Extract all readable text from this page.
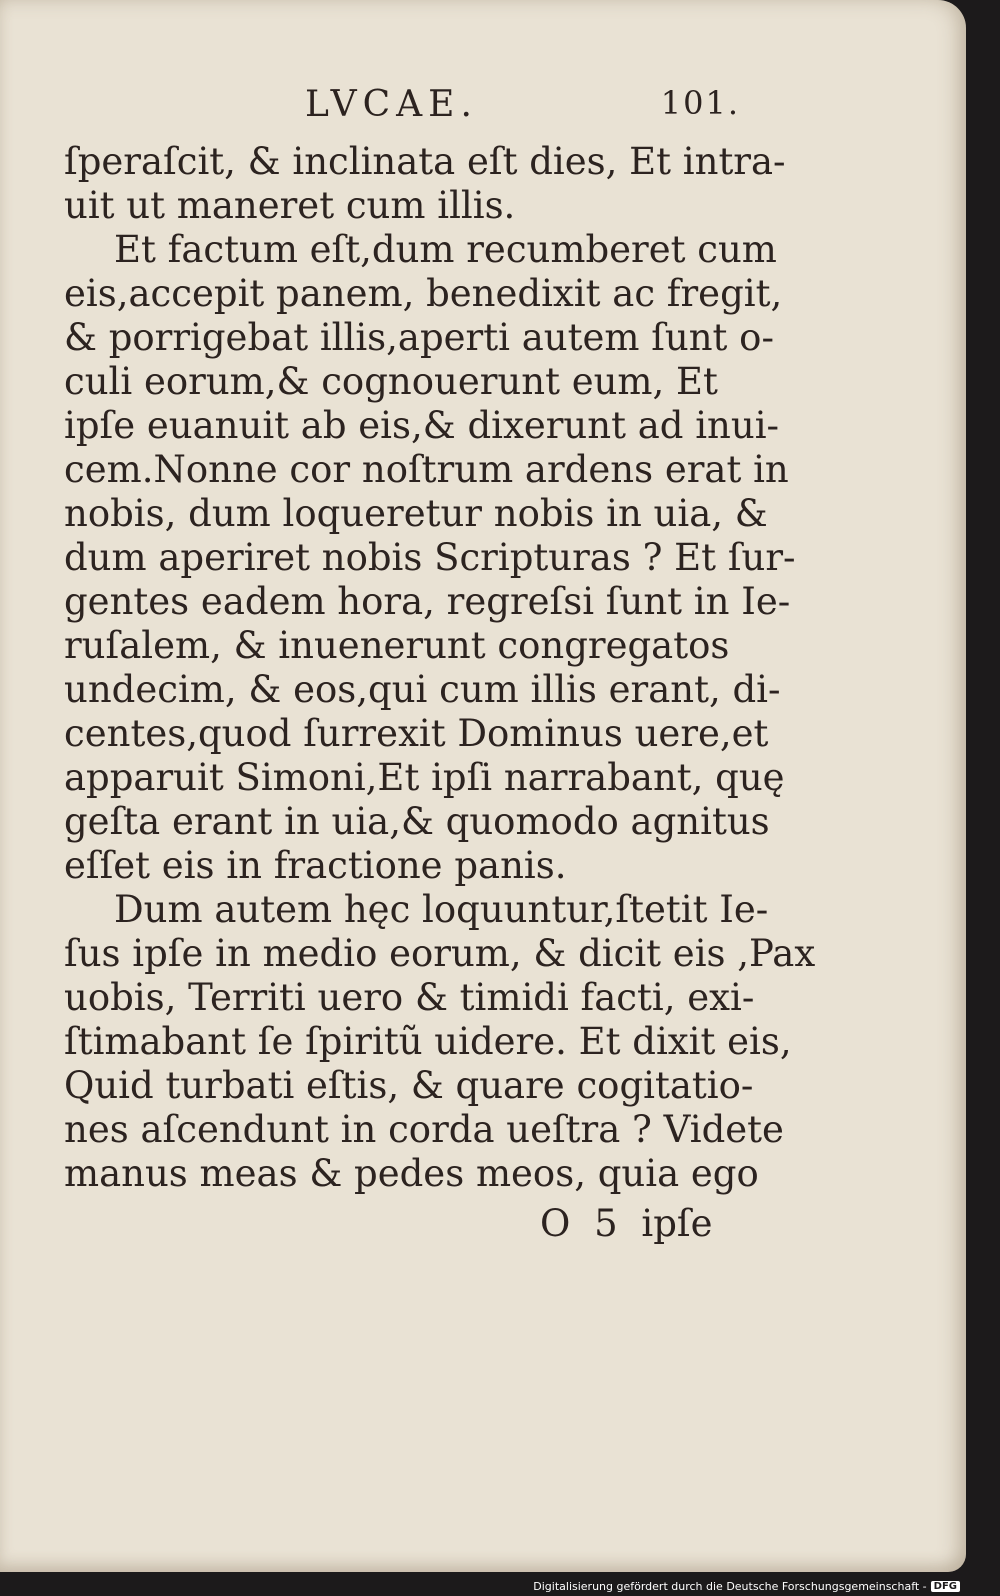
LVCAE.	101.
ſperaſcit, & inclinata eſt dies, Et intra-
uit ut maneret cum illis.
Et factum eſt,dum recumberet cum
eis,accepit panem, benedixit ac fregit,
& porrigebat illis,aperti autem ſunt o-
culi eorum,& cognouerunt eum, Et
ipſe euanuit ab eis,& dixerunt ad inui-
cem.Nonne cor noſtrum ardens erat in
nobis, dum loqueretur nobis in uia, &
dum aperiret nobis Scripturas ? Et ſur-
gentes eadem hora, regreſsi ſunt in Ie-
ruſalem, & inuenerunt congregatos
undecim, & eos,qui cum illis erant, di-
centes,quod ſurrexit Dominus uere,et
apparuit Simoni,Et ipſi narrabant, quę
geſta erant in uia,& quomodo agnitus
eſſet eis in fractione panis.
Dum autem hęc loquuntur,ſtetit Ie-
ſus ipſe in medio eorum, & dicit eis ,Pax
uobis, Territi uero & timidi facti, exi-
ſtimabant ſe ſpiritũ uidere. Et dixit eis,
Quid turbati eſtis, & quare cogitatio-
nes aſcendunt in corda ueſtra ? Videte
manus meas & pedes meos, quia ego
O 5 ipſe
Digitalisierung gefördert durch die Deutsche Forschungsgemeinschaft - DFG
